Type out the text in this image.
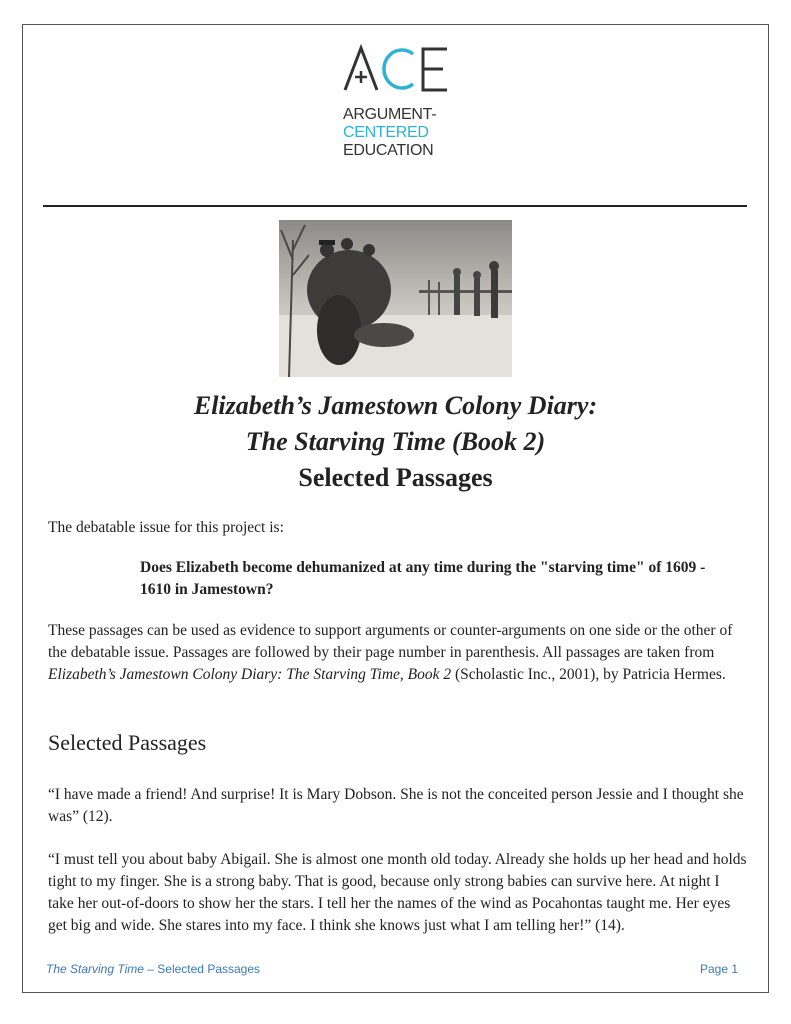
ARGUMENT-
CENTERED
EDUCATION
Elizabeth’s Jamestown Colony Diary:
The Starving Time (Book 2)
Selected Passages
The debatable issue for this project is:
Does Elizabeth become dehumanized at any time during the "starving time" of 1609 - 1610 in Jamestown?
These passages can be used as evidence to support arguments or counter-arguments on one side or the other of the debatable issue. Passages are followed by their page number in parenthesis. All passages are taken from Elizabeth’s Jamestown Colony Diary: The Starving Time, Book 2 (Scholastic Inc., 2001), by Patricia Hermes.
Selected Passages
“I have made a friend! And surprise! It is Mary Dobson. She is not the conceited person Jessie and I thought she was” (12).
“I must tell you about baby Abigail. She is almost one month old today. Already she holds up her head and holds tight to my finger. She is a strong baby. That is good, because only strong babies can survive here. At night I take her out-of-doors to show her the stars. I tell her the names of the wind as Pocahontas taught me. Her eyes get big and wide. She stares into my face. I think she knows just what I am telling her!” (14).
The Starving Time – Selected Passages	Page 1
